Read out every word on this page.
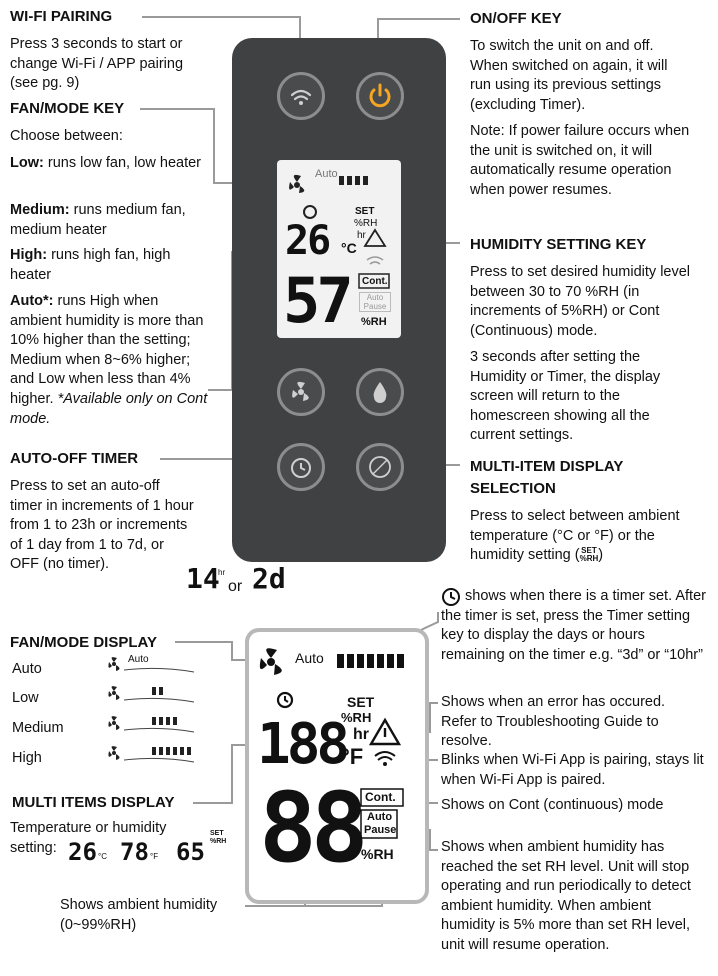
Auto
SET
%RH
hr
26 °C
57 Cont.
Auto Pause
%RH
WI-FI PAIRING
Press 3 seconds to start or change Wi-Fi / APP pairing (see pg. 9)
FAN/MODE KEY
Choose between:
Low: runs low fan, low heater
Medium: runs medium fan, medium heater
High: runs high fan, high heater
Auto*: runs High when ambient humidity is more than 10% higher than the setting; Medium when 8~6% higher; and Low when less than 4% higher. *Available only on Cont mode.
AUTO-OFF TIMER
Press to set an auto-off timer in increments of 1 hour from 1 to 23h or increments of 1 day from 1 to 7d, or OFF (no timer).	14
hr
or 2d
ON/OFF KEY
To switch the unit on and off. When switched on again, it will run using its previous settings (excluding Timer).
Note: If power failure occurs when the unit is switched on, it will automatically resume operation when power resumes.
HUMIDITY SETTING KEY
Press to set desired humidity level between 30 to 70 %RH (in increments of 5%RH) or Cont (Continuous) mode.
3 seconds after setting the Humidity or Timer, the display screen will return to the homescreen showing all the current settings.
MULTI-ITEM DISPLAY SELECTION
Press to select between ambient temperature (°C or °F) or the humidity setting ( SET
%RH)
FAN/MODE DISPLAY
Auto
Low
Medium
High
Auto
MULTI ITEMS DISPLAY
Temperature or humidity setting: 26 °C 78 °F 65
SET
%RH
Auto
SET
%RH
hr
188
°F
88 Cont.
Auto
Pause
%RH
shows when there is a timer set. After the timer is set, press the Timer setting key to display the days or hours remaining on the timer e.g. “3d” or “10hr”
Shows when an error has occured. Refer to Troubleshooting Guide to resolve.
Blinks when Wi-Fi App is pairing, stays lit when Wi-Fi App is paired.
Shows on Cont (continuous) mode
Shows when ambient humidity has reached the set RH level. Unit will stop operating and run periodically to detect ambient humidity. When ambient humidity is 5% more than set RH level, unit will resume operation.
Shows ambient humidity (0~99%RH)
